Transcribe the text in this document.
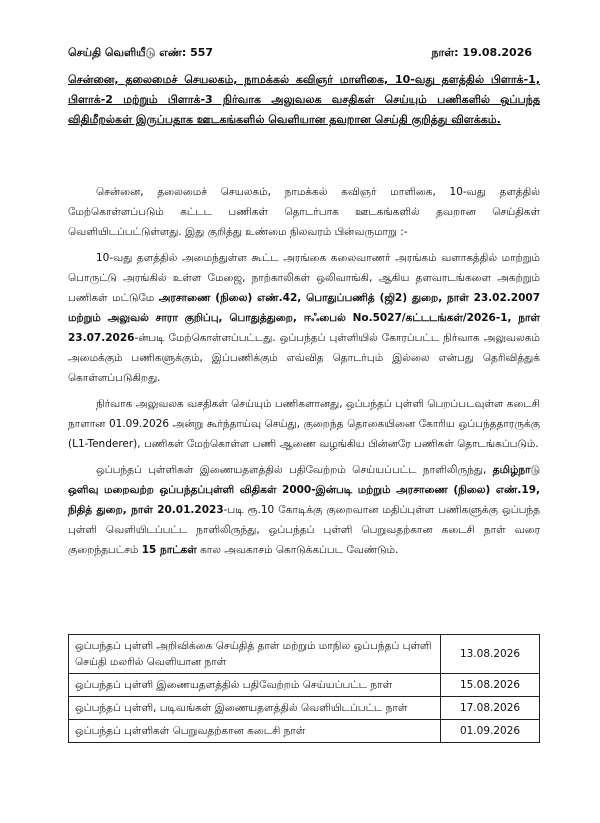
செய்தி வெளியீடு எண்: 557	நாள்: 19.08.2026
சென்னை, தலைமைச் செயலகம், நாமக்கல் கவிஞர் மாளிகை, 10-வது தளத்தில் பிளாக்-1, பிளாக்-2 மற்றும் பிளாக்-3 நிர்வாக அலுவலக வசதிகள் செய்யும் பணிகளில் ஒப்பந்த விதிமீறல்கள் இருப்பதாக ஊடகங்களில் வெளியான தவறான செய்தி குறித்து விளக்கம்.

சென்னை, தலைமைச் செயலகம், நாமக்கல் கவிஞர் மாளிகை, 10-வது தளத்தில் மேற்கொள்ளப்படும் கட்டட பணிகள் தொடர்பாக ஊடகங்களில் தவறான செய்திகள் வெளியிடப்பட்டுள்ளது. இது குறித்து உண்மை நிலவரம் பின்வருமாறு :-

10-வது தளத்தில் அமைந்துள்ள கூட்ட அரங்கை கலைவாணர் அரங்கம் வளாகத்தில் மாற்றும் பொருட்டு அரங்கில் உள்ள மேஜை, நாற்காலிகள் ஒலிவாங்கி, ஆகிய தளவாடங்களை அகற்றும் பணிகள் மட்டுமே அரசாணை (நிலை) எண்.42, பொதுப்பணித் (ஜி2) துறை, நாள் 23.02.2007 மற்றும் அலுவல் சாரா குறிப்பு, பொதுத்துறை, ஈஃபைல் No.5027/கட்டடங்கள்/2026-1, நாள் 23.07.2026-ன்படி மேற்கொள்ளப்பட்டது. ஒப்பந்தப் புள்ளியில் கோரப்பட்ட நிர்வாக அலுவலகம் அமைக்கும் பணிகளுக்கும், இப்பணிக்கும் எவ்வித தொடர்பும் இல்லை என்பது தெரிவித்துக் கொள்ளப்படுகிறது.

நிர்வாக அலுவலக வசதிகள் செய்யும் பணிகளானது, ஒப்பந்தப் புள்ளி பெறப்படவுள்ள கடைசி நாளான 01.09.2026 அன்று கூர்ந்தாய்வு செய்து, குறைந்த தொகையினை கோரிய ஒப்பந்ததாரருக்கு (L1-Tenderer), பணிகள் மேற்கொள்ள பணி ஆணை வழங்கிய பின்னரே பணிகள் தொடங்கப்படும்.

ஒப்பந்தப் புள்ளிகள் இணையதளத்தில் பதிவேற்றம் செய்யப்பட்ட நாளிலிருந்து, தமிழ்நாடு ஒளிவு மறைவற்ற ஒப்பந்தப்புள்ளி விதிகள் 2000-இன்படி மற்றும் அரசாணை (நிலை) எண்.19, நிதித் துறை, நாள் 20.01.2023-படி ரூ.10 கோடிக்கு குறைவான மதிப்புள்ள பணிகளுக்கு ஒப்பந்த புள்ளி வெளியிடப்பட்ட நாளிலிருந்து, ஒப்பந்தப் புள்ளி பெறுவதற்கான கடைசி நாள் வரை குறைந்தபட்சம் 15 நாட்கள் கால அவகாசம் கொடுக்கப்பட வேண்டும்.

ஒப்பந்தப் புள்ளி அறிவிக்கை செய்தித் தாள் மற்றும் மாநில ஒப்பந்தப் புள்ளி செய்தி மலரில் வெளியான நாள்	13.08.2026
ஒப்பந்தப் புள்ளி இணையதளத்தில் பதிவேற்றம் செய்யப்பட்ட நாள்	15.08.2026
ஒப்பந்தப் புள்ளி, படிவங்கள் இணையதளத்தில் வெளியிடப்பட்ட நாள்	17.08.2026
ஒப்பந்தப் புள்ளிகள் பெறுவதற்கான கடைசி நாள்	01.09.2026
